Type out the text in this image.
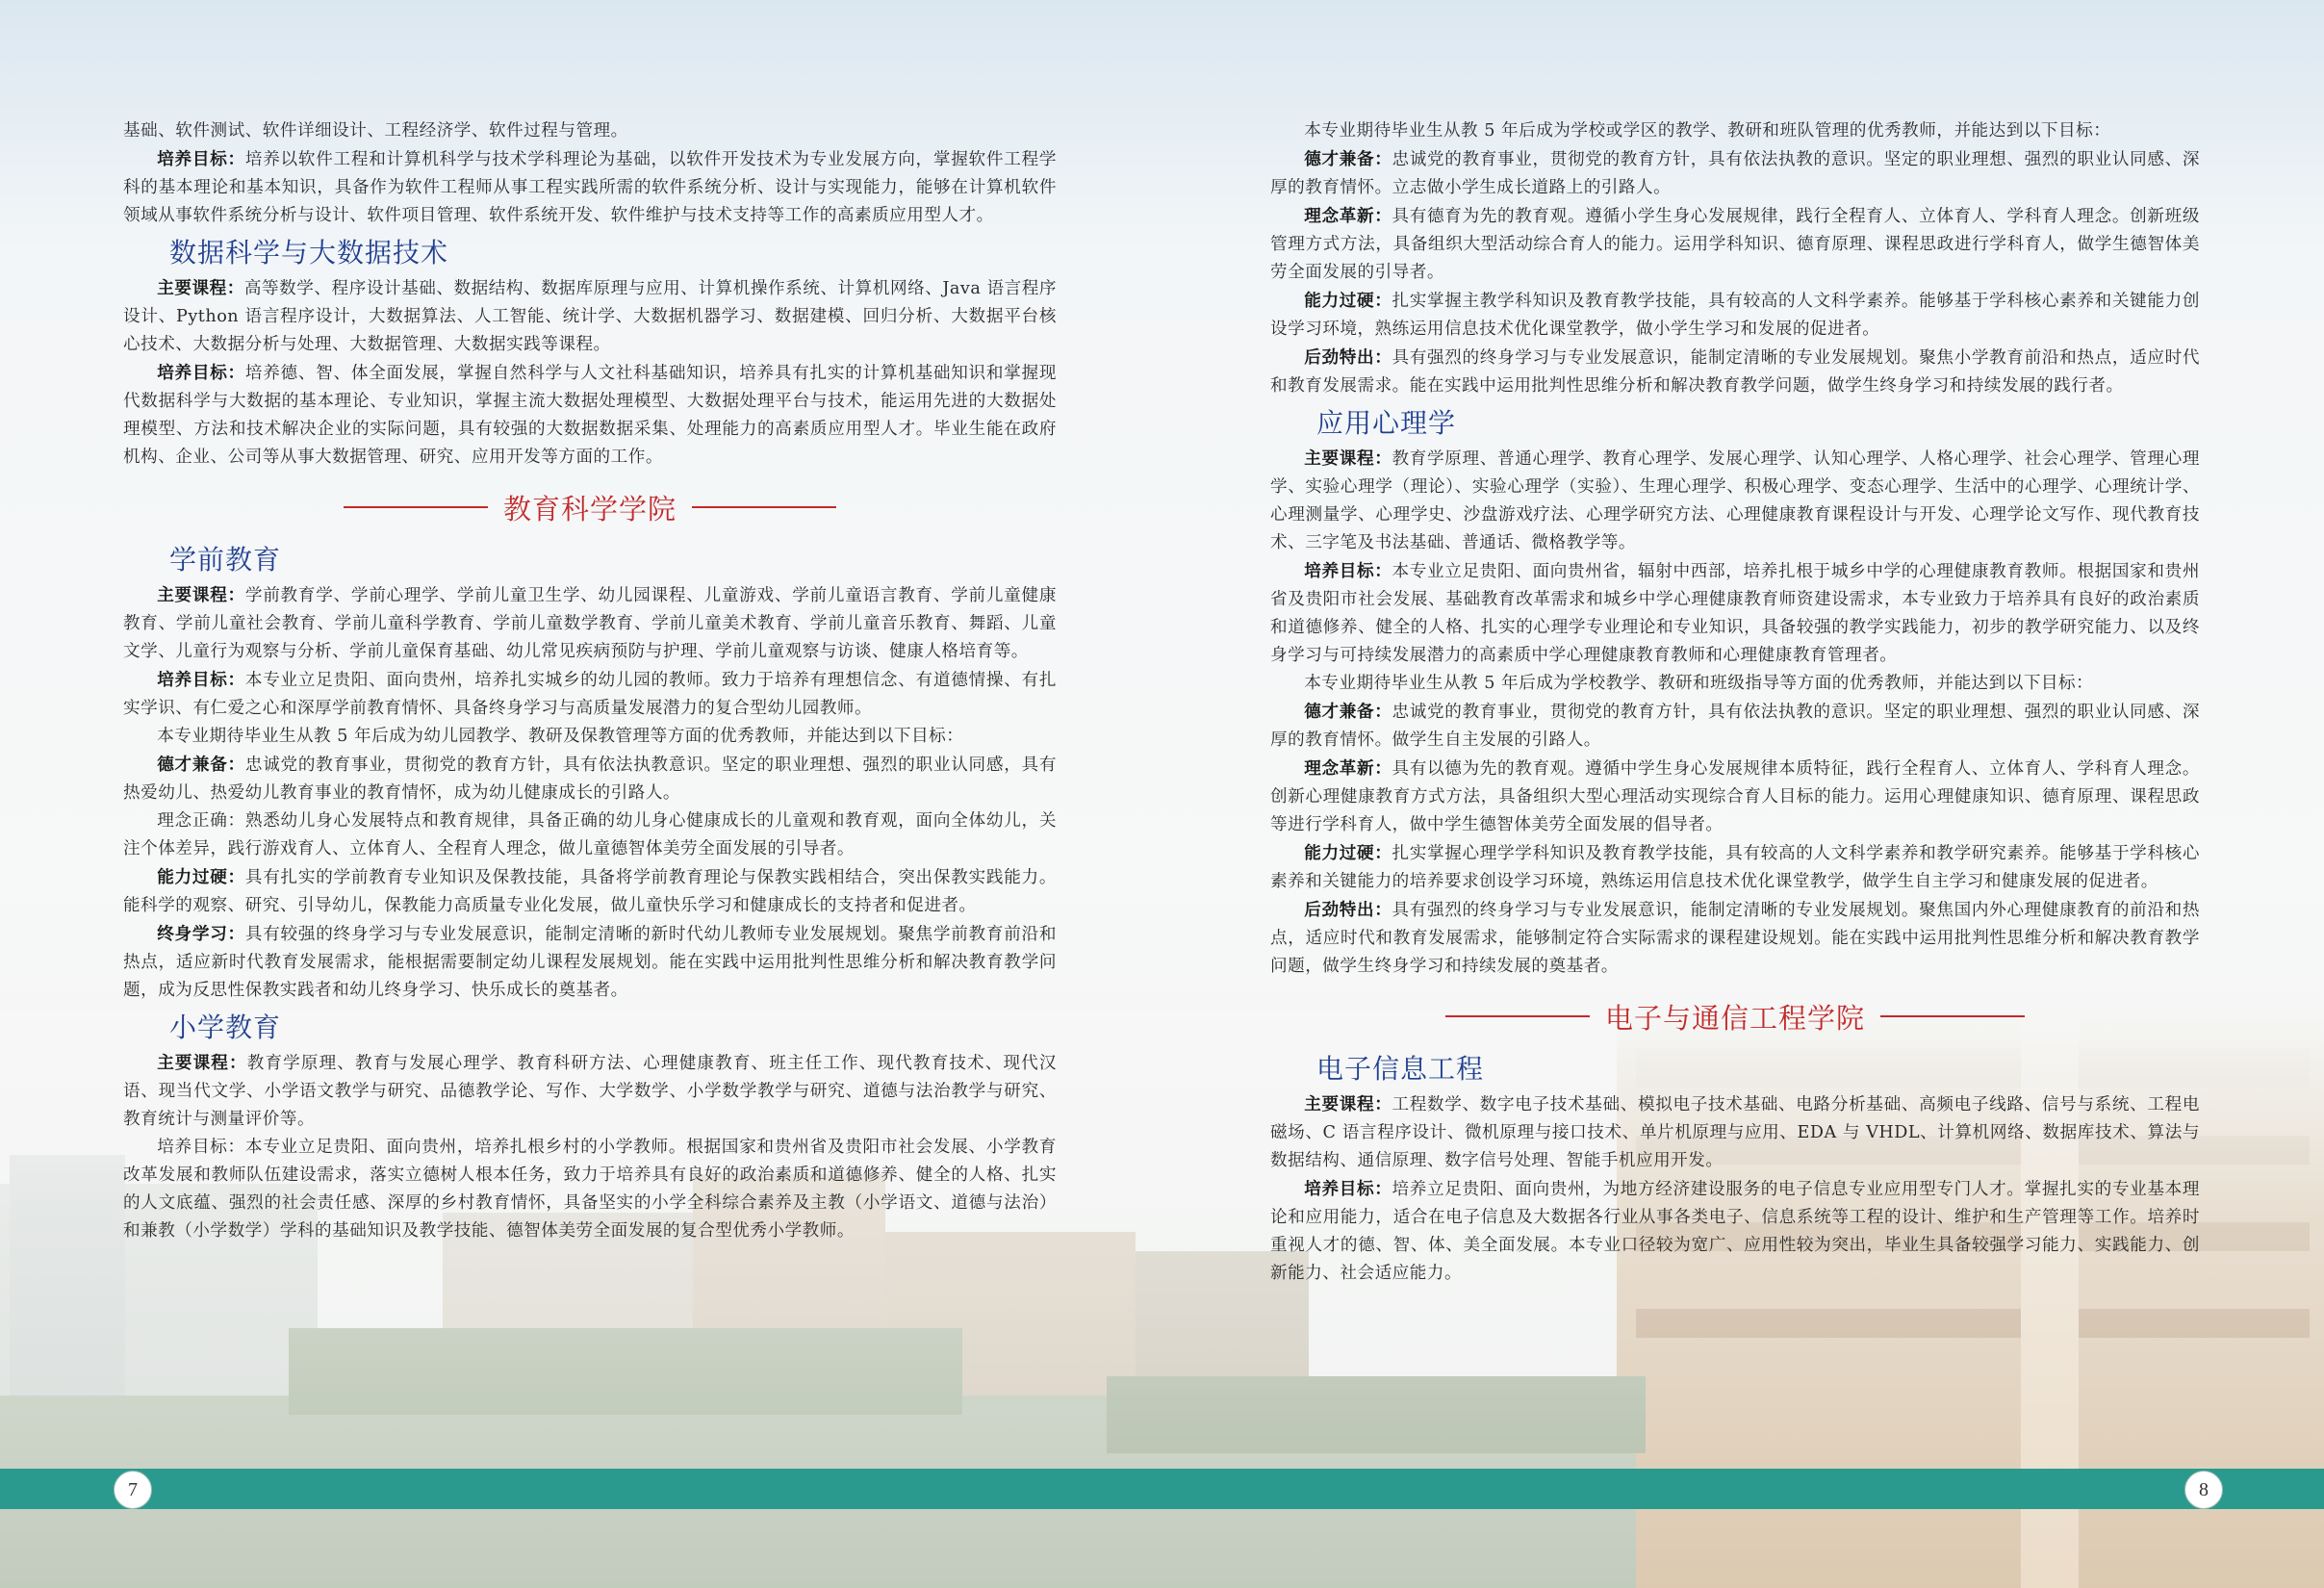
基础、软件测试、软件详细设计、工程经济学、软件过程与管理。

培养目标：培养以软件工程和计算机科学与技术学科理论为基础，以软件开发技术为专业发展方向，掌握软件工程学科的基本理论和基本知识，具备作为软件工程师从事工程实践所需的软件系统分析、设计与实现能力，能够在计算机软件领域从事软件系统分析与设计、软件项目管理、软件系统开发、软件维护与技术支持等工作的高素质应用型人才。

数据科学与大数据技术

主要课程：高等数学、程序设计基础、数据结构、数据库原理与应用、计算机操作系统、计算机网络、Java 语言程序设计、Python 语言程序设计，大数据算法、人工智能、统计学、大数据机器学习、数据建模、回归分析、大数据平台核心技术、大数据分析与处理、大数据管理、大数据实践等课程。

培养目标：培养德、智、体全面发展，掌握自然科学与人文社科基础知识，培养具有扎实的计算机基础知识和掌握现代数据科学与大数据的基本理论、专业知识，掌握主流大数据处理模型、大数据处理平台与技术，能运用先进的大数据处理模型、方法和技术解决企业的实际问题，具有较强的大数据数据采集、处理能力的高素质应用型人才。毕业生能在政府机构、企业、公司等从事大数据管理、研究、应用开发等方面的工作。

教育科学学院
学前教育

主要课程：学前教育学、学前心理学、学前儿童卫生学、幼儿园课程、儿童游戏、学前儿童语言教育、学前儿童健康教育、学前儿童社会教育、学前儿童科学教育、学前儿童数学教育、学前儿童美术教育、学前儿童音乐教育、舞蹈、儿童文学、儿童行为观察与分析、学前儿童保育基础、幼儿常见疾病预防与护理、学前儿童观察与访谈、健康人格培育等。

培养目标：本专业立足贵阳、面向贵州，培养扎实城乡的幼儿园的教师。致力于培养有理想信念、有道德情操、有扎实学识、有仁爱之心和深厚学前教育情怀、具备终身学习与高质量发展潜力的复合型幼儿园教师。

本专业期待毕业生从教 5 年后成为幼儿园教学、教研及保教管理等方面的优秀教师，并能达到以下目标：

德才兼备：忠诚党的教育事业，贯彻党的教育方针，具有依法执教意识。坚定的职业理想、强烈的职业认同感，具有热爱幼儿、热爱幼儿教育事业的教育情怀，成为幼儿健康成长的引路人。

理念正确：熟悉幼儿身心发展特点和教育规律，具备正确的幼儿身心健康成长的儿童观和教育观，面向全体幼儿，关注个体差异，践行游戏育人、立体育人、全程育人理念，做儿童德智体美劳全面发展的引导者。

能力过硬：具有扎实的学前教育专业知识及保教技能，具备将学前教育理论与保教实践相结合，突出保教实践能力。能科学的观察、研究、引导幼儿，保教能力高质量专业化发展，做儿童快乐学习和健康成长的支持者和促进者。

终身学习：具有较强的终身学习与专业发展意识，能制定清晰的新时代幼儿教师专业发展规划。聚焦学前教育前沿和热点，适应新时代教育发展需求，能根据需要制定幼儿课程发展规划。能在实践中运用批判性思维分析和解决教育教学问题，成为反思性保教实践者和幼儿终身学习、快乐成长的奠基者。

小学教育

主要课程：教育学原理、教育与发展心理学、教育科研方法、心理健康教育、班主任工作、现代教育技术、现代汉语、现当代文学、小学语文教学与研究、品德教学论、写作、大学数学、小学数学教学与研究、道德与法治教学与研究、教育统计与测量评价等。

培养目标：本专业立足贵阳、面向贵州，培养扎根乡村的小学教师。根据国家和贵州省及贵阳市社会发展、小学教育改革发展和教师队伍建设需求，落实立德树人根本任务，致力于培养具有良好的政治素质和道德修养、健全的人格、扎实的人文底蕴、强烈的社会责任感、深厚的乡村教育情怀，具备坚实的小学全科综合素养及主教（小学语文、道德与法治）和兼教（小学数学）学科的基础知识及教学技能、德智体美劳全面发展的复合型优秀小学教师。

本专业期待毕业生从教 5 年后成为学校或学区的教学、教研和班队管理的优秀教师，并能达到以下目标：

德才兼备：忠诚党的教育事业，贯彻党的教育方针，具有依法执教的意识。坚定的职业理想、强烈的职业认同感、深厚的教育情怀。立志做小学生成长道路上的引路人。

理念革新：具有德育为先的教育观。遵循小学生身心发展规律，践行全程育人、立体育人、学科育人理念。创新班级管理方式方法，具备组织大型活动综合育人的能力。运用学科知识、德育原理、课程思政进行学科育人，做学生德智体美劳全面发展的引导者。

能力过硬：扎实掌握主教学科知识及教育教学技能，具有较高的人文科学素养。能够基于学科核心素养和关键能力创设学习环境，熟练运用信息技术优化课堂教学，做小学生学习和发展的促进者。

后劲特出：具有强烈的终身学习与专业发展意识，能制定清晰的专业发展规划。聚焦小学教育前沿和热点，适应时代和教育发展需求。能在实践中运用批判性思维分析和解决教育教学问题，做学生终身学习和持续发展的践行者。

应用心理学

主要课程：教育学原理、普通心理学、教育心理学、发展心理学、认知心理学、人格心理学、社会心理学、管理心理学、实验心理学（理论）、实验心理学（实验）、生理心理学、积极心理学、变态心理学、生活中的心理学、心理统计学、心理测量学、心理学史、沙盘游戏疗法、心理学研究方法、心理健康教育课程设计与开发、心理学论文写作、现代教育技术、三字笔及书法基础、普通话、微格教学等。

培养目标：本专业立足贵阳、面向贵州省，辐射中西部，培养扎根于城乡中学的心理健康教育教师。根据国家和贵州省及贵阳市社会发展、基础教育改革需求和城乡中学心理健康教育师资建设需求，本专业致力于培养具有良好的政治素质和道德修养、健全的人格、扎实的心理学专业理论和专业知识，具备较强的教学实践能力，初步的教学研究能力、以及终身学习与可持续发展潜力的高素质中学心理健康教育教师和心理健康教育管理者。

本专业期待毕业生从教 5 年后成为学校教学、教研和班级指导等方面的优秀教师，并能达到以下目标：

德才兼备：忠诚党的教育事业，贯彻党的教育方针，具有依法执教的意识。坚定的职业理想、强烈的职业认同感、深厚的教育情怀。做学生自主发展的引路人。

理念革新：具有以德为先的教育观。遵循中学生身心发展规律本质特征，践行全程育人、立体育人、学科育人理念。创新心理健康教育方式方法，具备组织大型心理活动实现综合育人目标的能力。运用心理健康知识、德育原理、课程思政等进行学科育人，做中学生德智体美劳全面发展的倡导者。

能力过硬：扎实掌握心理学学科知识及教育教学技能，具有较高的人文科学素养和教学研究素养。能够基于学科核心素养和关键能力的培养要求创设学习环境，熟练运用信息技术优化课堂教学，做学生自主学习和健康发展的促进者。

后劲特出：具有强烈的终身学习与专业发展意识，能制定清晰的专业发展规划。聚焦国内外心理健康教育的前沿和热点，适应时代和教育发展需求，能够制定符合实际需求的课程建设规划。能在实践中运用批判性思维分析和解决教育教学问题，做学生终身学习和持续发展的奠基者。

电子与通信工程学院
电子信息工程

主要课程：工程数学、数字电子技术基础、模拟电子技术基础、电路分析基础、高频电子线路、信号与系统、工程电磁场、C 语言程序设计、微机原理与接口技术、单片机原理与应用、EDA 与 VHDL、计算机网络、数据库技术、算法与数据结构、通信原理、数字信号处理、智能手机应用开发。

培养目标：培养立足贵阳、面向贵州，为地方经济建设服务的电子信息专业应用型专门人才。掌握扎实的专业基本理论和应用能力，适合在电子信息及大数据各行业从事各类电子、信息系统等工程的设计、维护和生产管理等工作。培养时重视人才的德、智、体、美全面发展。本专业口径较为宽广、应用性较为突出，毕业生具备较强学习能力、实践能力、创新能力、社会适应能力。

7	8
